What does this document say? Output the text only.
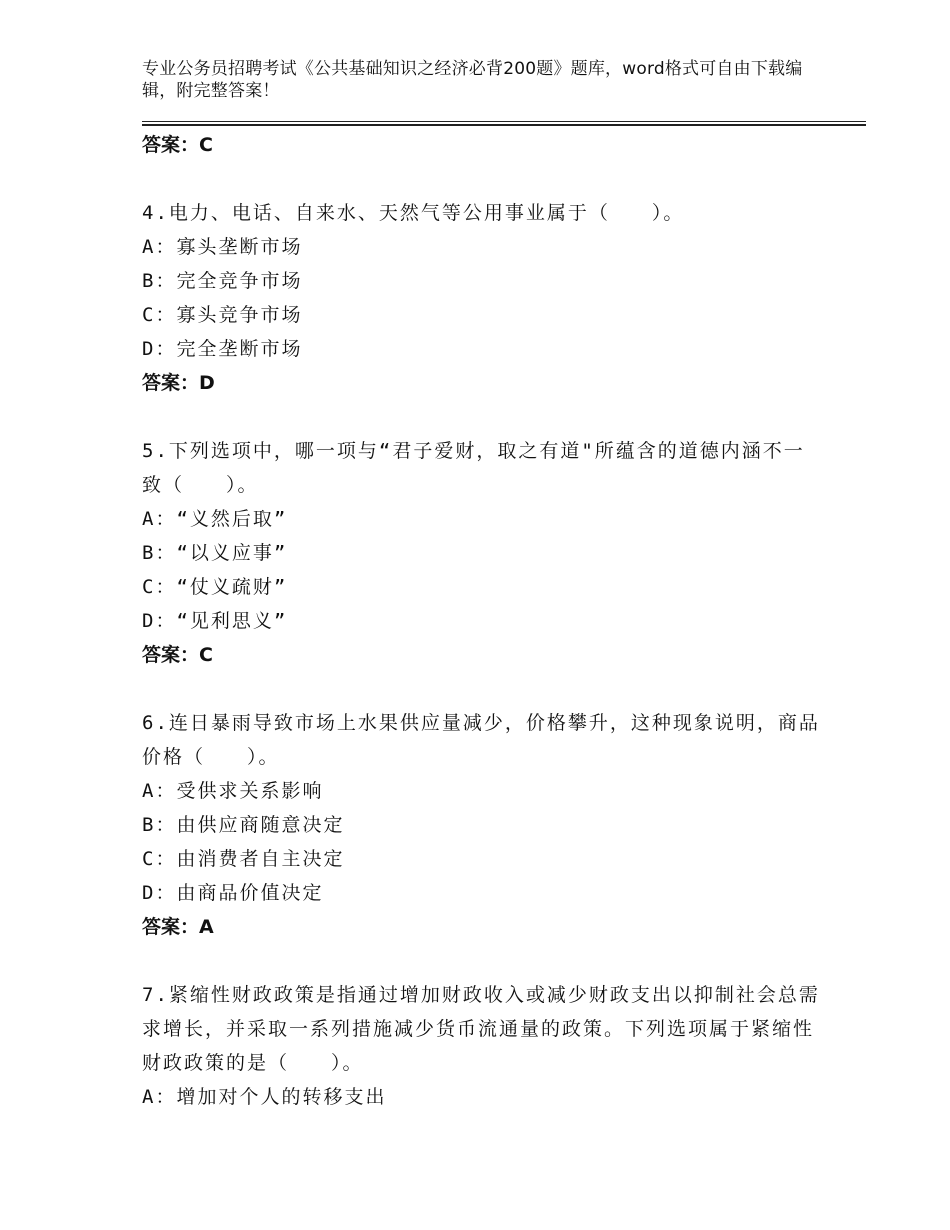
专业公务员招聘考试《公共基础知识之经济必背200题》题库，word格式可自由下载编辑，附完整答案！
答案：C
4.电力、电话、自来水、天然气等公用事业属于（　　）。
A：寡头垄断市场
B：完全竞争市场
C：寡头竞争市场
D：完全垄断市场
答案：D
5.下列选项中，哪一项与“君子爱财，取之有道"所蕴含的道德内涵不一致（　　）。
A：“义然后取”
B：“以义应事”
C：“仗义疏财”
D：“见利思义”
答案：C
6.连日暴雨导致市场上水果供应量减少，价格攀升，这种现象说明，商品价格（　　）。
A：受供求关系影响
B：由供应商随意决定
C：由消费者自主决定
D：由商品价值决定
答案：A
7.紧缩性财政政策是指通过增加财政收入或减少财政支出以抑制社会总需求增长，并采取一系列措施减少货币流通量的政策。下列选项属于紧缩性财政政策的是（　　）。
A：增加对个人的转移支出
